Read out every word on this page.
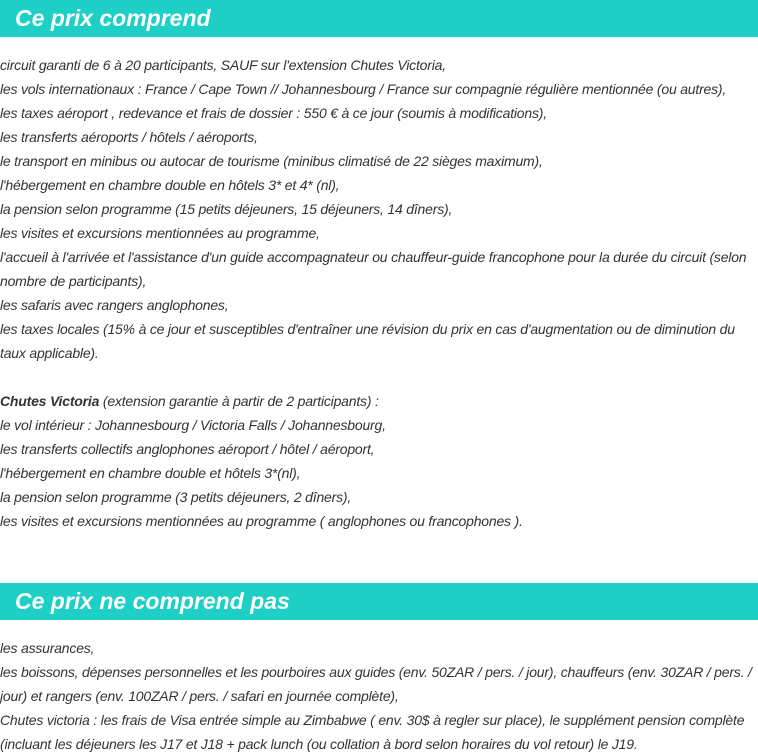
Ce prix comprend
circuit garanti de 6 à 20 participants, SAUF sur l'extension Chutes Victoria,
les vols internationaux : France / Cape Town // Johannesbourg / France sur compagnie régulière mentionnée (ou autres),
les taxes aéroport , redevance et frais de dossier : 550 € à ce jour (soumis à modifications),
les transferts aéroports / hôtels / aéroports,
le transport en minibus ou autocar de tourisme (minibus climatisé de 22 sièges maximum),
l'hébergement en chambre double en hôtels 3* et 4* (nl),
la pension selon programme (15 petits déjeuners, 15 déjeuners, 14 dîners),
les visites et excursions mentionnées au programme,
l'accueil à l'arrivée et l'assistance d'un guide accompagnateur ou chauffeur-guide francophone pour la durée du circuit (selon nombre de participants),
les safaris avec rangers anglophones,
les taxes locales (15% à ce jour et susceptibles d'entraîner une révision du prix en cas d'augmentation ou de diminution du taux applicable).
Chutes Victoria (extension garantie à partir de 2 participants) :
le vol intérieur : Johannesbourg / Victoria Falls / Johannesbourg,
les transferts collectifs anglophones aéroport / hôtel / aéroport,
l'hébergement en chambre double et hôtels 3*(nl),
la pension selon programme (3 petits déjeuners, 2 dîners),
les visites et excursions mentionnées au programme ( anglophones ou francophones ).
Ce prix ne comprend pas
les assurances,
les boissons, dépenses personnelles et les pourboires aux guides (env. 50ZAR / pers. / jour), chauffeurs (env. 30ZAR / pers. / jour) et rangers (env. 100ZAR / pers. / safari en journée complète),
Chutes victoria : les frais de Visa entrée simple au Zimbabwe ( env. 30$ à regler sur place), le supplément pension complète (incluant les déjeuners les J17 et J18 + pack lunch (ou collation à bord selon horaires du vol retour) le J19.
